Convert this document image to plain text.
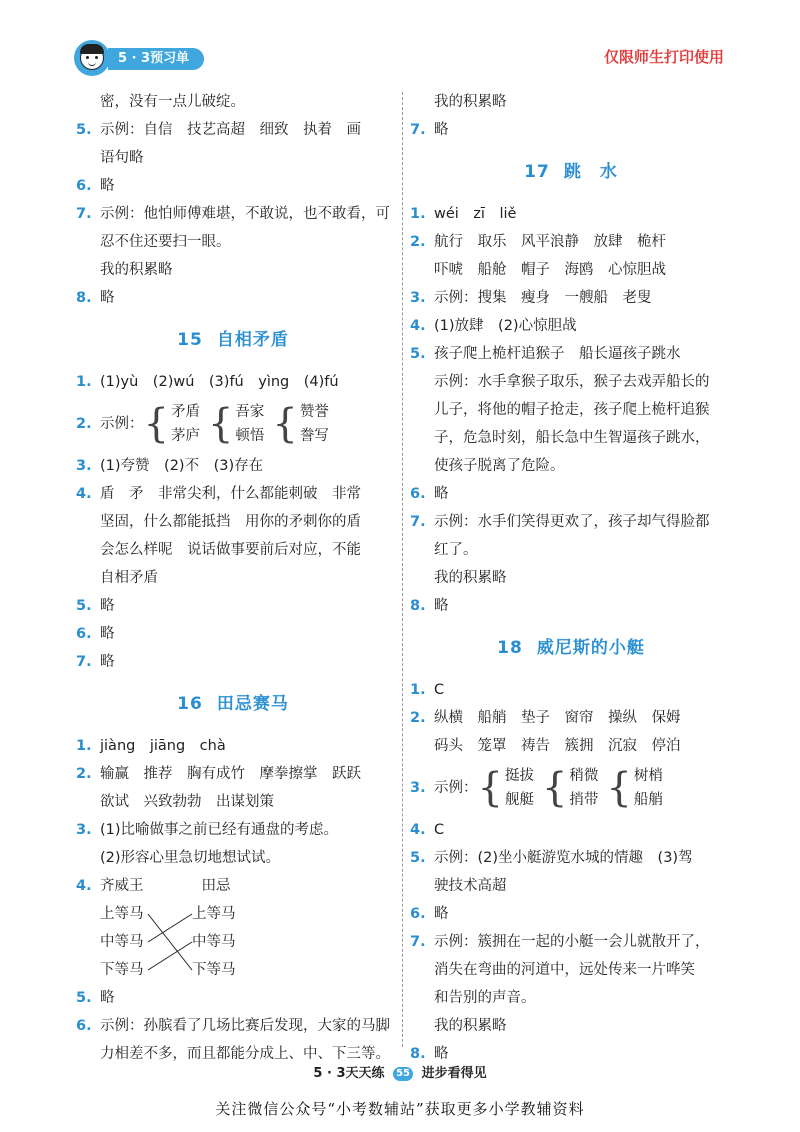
5 · 3预习单	仅限师生打印使用
密，没有一点儿破绽。
5. 示例：自信　技艺高超　细致　执着　画
语句略
6. 略
7. 示例：他怕师傅难堪，不敢说，也不敢看，可
忍不住还要扫一眼。
我的积累略
8. 略
15 自相矛盾
1. (1)yù　(2)wú　(3)fú　yìng　(4)fú
2. 示例： { 矛盾
茅庐 { 吾家
顿悟 { 赞誉
誊写
3. (1)夸赞　(2)不　(3)存在
4. 盾　矛　非常尖利，什么都能刺破　非常
坚固，什么都能抵挡　用你的矛刺你的盾
会怎么样呢　说话做事要前后对应，不能
自相矛盾
5. 略
6. 略
7. 略
16 田忌赛马
1. jiàng　jiāng　chà
2. 输赢　推荐　胸有成竹　摩拳擦掌　跃跃
欲试　兴致勃勃　出谋划策
3. (1)比喻做事之前已经有通盘的考虑。
(2)形容心里急切地想试试。
4. 齐威王　　　　田忌
上等马
中等马
下等马
上等马
中等马
下等马
5. 略
6. 示例：孙膑看了几场比赛后发现，大家的马脚
力相差不多，而且都能分成上、中、下三等。
我的积累略
7. 略
17 跳　水
1. wéi　zī　liě
2. 航行　取乐　风平浪静　放肆　桅杆
吓唬　船舱　帽子　海鸥　心惊胆战
3. 示例：搜集　瘦身　一艘船　老叟
4. (1)放肆　(2)心惊胆战
5. 孩子爬上桅杆追猴子　船长逼孩子跳水
示例：水手拿猴子取乐，猴子去戏弄船长的
儿子，将他的帽子抢走，孩子爬上桅杆追猴
子，危急时刻，船长急中生智逼孩子跳水，
使孩子脱离了危险。
6. 略
7. 示例：水手们笑得更欢了，孩子却气得脸都
红了。
我的积累略
8. 略
18 威尼斯的小艇
1. C
2. 纵横　船艄　垫子　窗帘　操纵　保姆
码头　笼罩　祷告　簇拥　沉寂　停泊
3. 示例： { 挺拔
舰艇 { 稍微
捎带 { 树梢
船艄
4. C
5. 示例：(2)坐小艇游览水城的情趣　(3)驾
驶技术高超
6. 略
7. 示例：簇拥在一起的小艇一会儿就散开了，
消失在弯曲的河道中，远处传来一片哗笑
和告别的声音。
我的积累略
8. 略
5 · 3天天练 55 进步看得见
关注微信公众号“小考数辅站”获取更多小学教辅资料
